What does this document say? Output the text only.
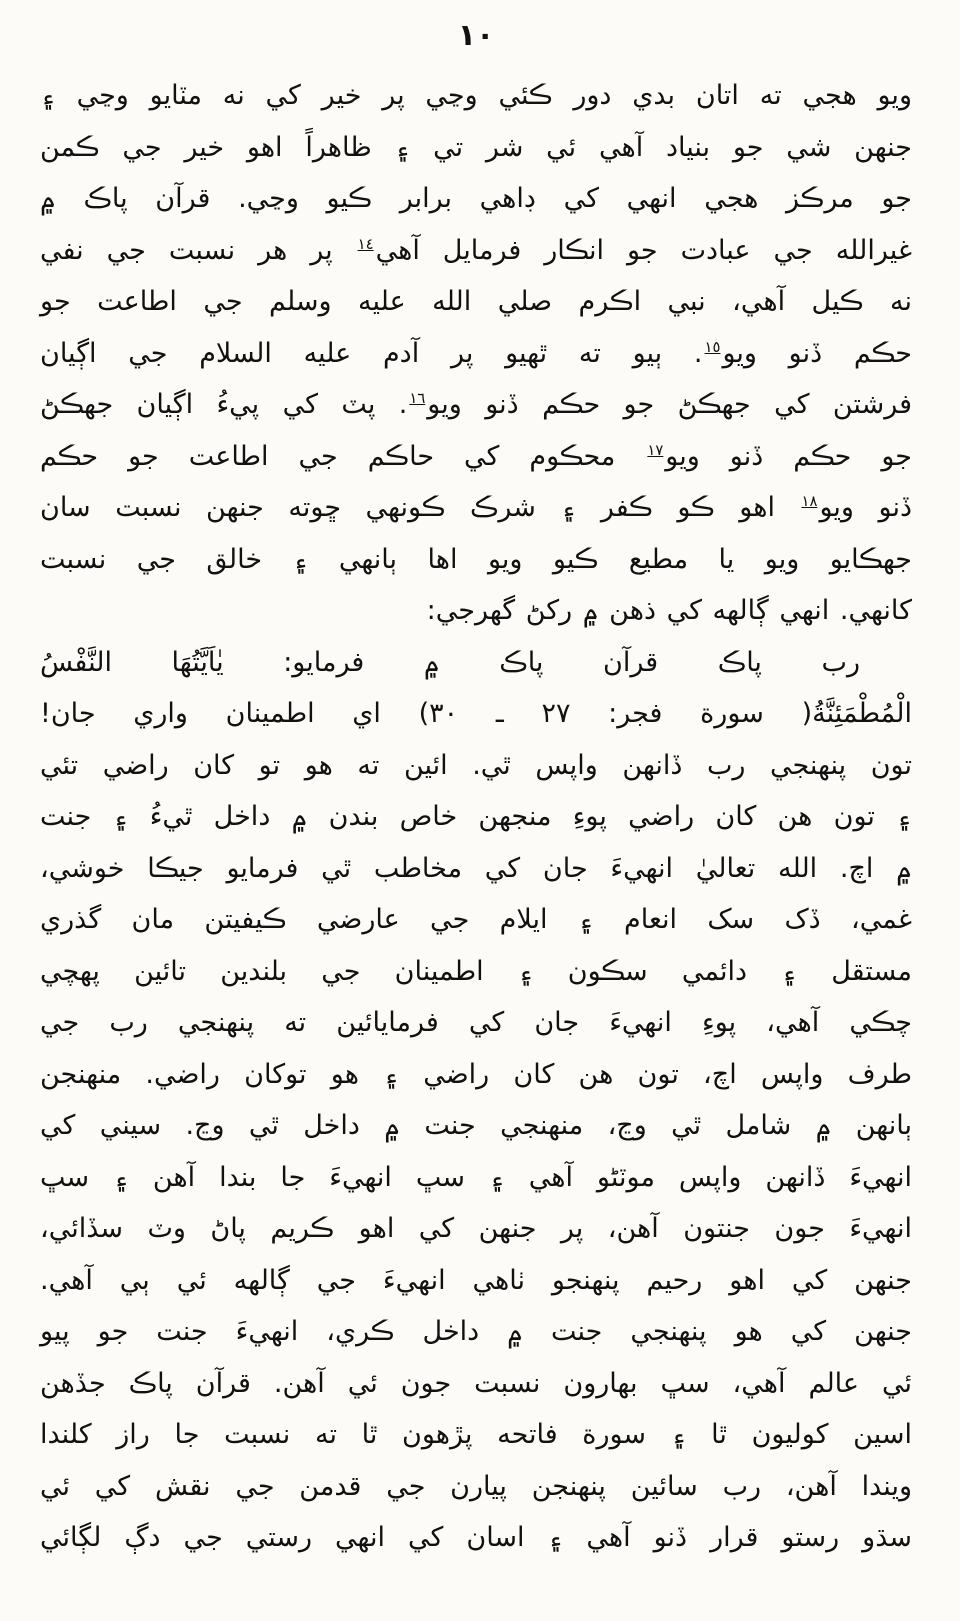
١٠
ويو هجي ته اتان بدي دور ڪئي وڃي پر خير کي نه مٽايو وڃي ۽
جنهن شي جو بنياد آهي ئي شر تي ۽ ظاهراً اهو خير جي ڪمن
جو مرڪز هجي انهي کي ڊاهي برابر ڪيو وڃي. قرآن پاڪ ۾
غيرالله جي عبادت جو انڪار فرمايل آهي$^{١٤}$ پر هر نسبت جي نفي
نه ڪيل آهي، نبي اڪرم صلي الله عليه وسلم جي اطاعت جو
حڪم ڏنو ويو$^{١٥}$. ٻيو ته ٿهيو پر آدم عليه السلام جي اڳيان
فرشتن کي جهڪڻ جو حڪم ڏنو ويو$^{١٦}$. پٽ کي پيءُ اڳيان جهڪڻ
جو حڪم ڏنو ويو$^{١٧}$ محڪوم کي حاڪم جي اطاعت جو حڪم
ڏنو ويو$^{١٨}$ اهو ڪو ڪفر ۽ شرڪ ڪونهي ڇوته جنهن نسبت سان
جهڪايو ويو يا مطيع ڪيو ويو اها ٻانهي ۽ خالق جي نسبت
کانهي. انهي ڳالهه کي ذهن ۾ رکڻ گهرجي:
رب پاڪ قرآن پاڪ ۾ فرمايو: يٰاَيَّتُهَا النَّفْسُ
الْمُطْمَئِنَّةُ( سورة فجر: ٢٧ ـ ٣٠) اي اطمينان واري جان!
تون پنهنجي رب ڏانهن واپس ٿي. ائين ته هو تو کان راضي تئي
۽ تون هن کان راضي پوءِ منجهن خاص بندن ۾ داخل ٿيءُ ۽ جنت
۾ اچ. الله تعاليٰ انهيءَ جان کي مخاطب ٿي فرمايو جيڪا خوشي،
غمي، ڏک سک انعام ۽ ايلام جي عارضي ڪيفيتن مان گذري
مستقل ۽ دائمي سڪون ۽ اطمينان جي بلندين تائين پهچي
چڪي آهي، پوءِ انهيءَ جان کي فرمايائين ته پنهنجي رب جي
طرف واپس اچ، تون هن کان راضي ۽ هو توکان راضي. منهنجن
ٻانهن ۾ شامل ٿي وڃ، منهنجي جنت ۾ داخل ٿي وڃ. سيني کي
انهيءَ ڏانهن واپس موٽڻو آهي ۽ سڀ انهيءَ جا بندا آهن ۽ سڀ
انهيءَ جون جنتون آهن، پر جنهن کي اهو ڪريم پاڻ وٽ سڏائي،
جنهن کي اهو رحيم پنهنجو ٺاهي انهيءَ جي ڳالهه ئي ٻي آهي.
جنهن کي هو پنهنجي جنت ۾ داخل ڪري، انهيءَ جنت جو پيو
ئي عالم آهي، سڀ بهارون نسبت جون ئي آهن. قرآن پاڪ جڏهن
اسين کوليون ٿا ۽ سورة فاتحه پڙهون ٿا ته نسبت جا راز کلندا
ويندا آهن، رب سائين پنهنجن پيارن جي قدمن جي نقش کي ئي
سڌو رستو قرار ڏنو آهي ۽ اسان کي انهي رستي جي دڳ لڳائي
